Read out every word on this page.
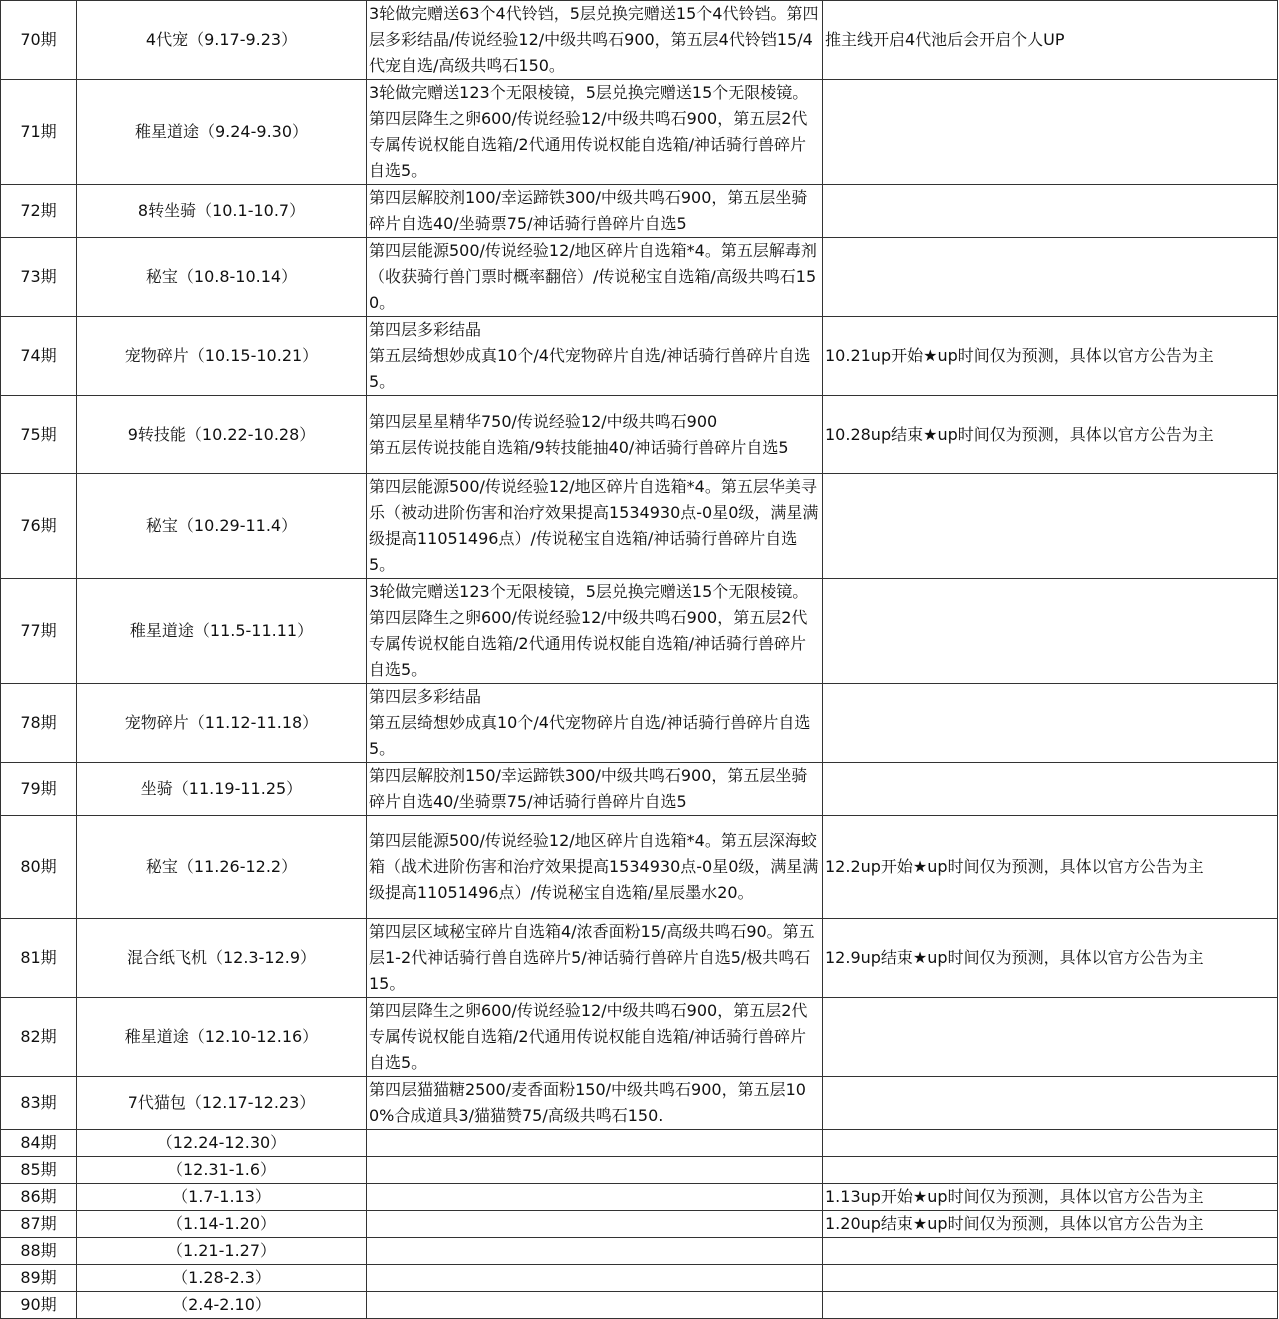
70期	4代宠（9.17-9.23）	3轮做完赠送63个4代铃铛，5层兑换完赠送15个4代铃铛。第四层多彩结晶/传说经验12/中级共鸣石900，第五层4代铃铛15/4代宠自选/高级共鸣石150。	推主线开启4代池后会开启个人UP
71期	稚星道途（9.24-9.30）	3轮做完赠送123个无限棱镜，5层兑换完赠送15个无限棱镜。第四层降生之卵600/传说经验12/中级共鸣石900，第五层2代专属传说权能自选箱/2代通用传说权能自选箱/神话骑行兽碎片自选5。	

72期	8转坐骑（10.1-10.7）	第四层解胶剂100/幸运蹄铁300/中级共鸣石900，第五层坐骑碎片自选40/坐骑票75/神话骑行兽碎片自选5	

73期	秘宝（10.8-10.14）	第四层能源500/传说经验12/地区碎片自选箱*4。第五层解毒剂（收获骑行兽门票时概率翻倍）/传说秘宝自选箱/高级共鸣石150。	

74期	宠物碎片（10.15-10.21）	第四层多彩结晶
第五层绮想妙成真10个/4代宠物碎片自选/神话骑行兽碎片自选5。	10.21up开始★up时间仅为预测，具体以官方公告为主
75期	9转技能（10.22-10.28）	第四层星星精华750/传说经验12/中级共鸣石900
第五层传说技能自选箱/9转技能抽40/神话骑行兽碎片自选5	10.28up结束★up时间仅为预测，具体以官方公告为主
76期	秘宝（10.29-11.4）	第四层能源500/传说经验12/地区碎片自选箱*4。第五层华美寻乐（被动进阶伤害和治疗效果提高1534930点-0星0级，满星满级提高11051496点）/传说秘宝自选箱/神话骑行兽碎片自选5。	

77期	稚星道途（11.5-11.11）	3轮做完赠送123个无限棱镜，5层兑换完赠送15个无限棱镜。第四层降生之卵600/传说经验12/中级共鸣石900，第五层2代专属传说权能自选箱/2代通用传说权能自选箱/神话骑行兽碎片自选5。	

78期	宠物碎片（11.12-11.18）	第四层多彩结晶
第五层绮想妙成真10个/4代宠物碎片自选/神话骑行兽碎片自选5。	

79期	坐骑（11.19-11.25）	第四层解胶剂150/幸运蹄铁300/中级共鸣石900，第五层坐骑碎片自选40/坐骑票75/神话骑行兽碎片自选5	

80期	秘宝（11.26-12.2）	第四层能源500/传说经验12/地区碎片自选箱*4。第五层深海蛟箱（战术进阶伤害和治疗效果提高1534930点-0星0级，满星满级提高11051496点）/传说秘宝自选箱/星辰墨水20。	12.2up开始★up时间仅为预测，具体以官方公告为主
81期	混合纸飞机（12.3-12.9）	第四层区域秘宝碎片自选箱4/浓香面粉15/高级共鸣石90。第五层1-2代神话骑行兽自选碎片5/神话骑行兽碎片自选5/极共鸣石15。	12.9up结束★up时间仅为预测，具体以官方公告为主
82期	稚星道途（12.10-12.16）	第四层降生之卵600/传说经验12/中级共鸣石900，第五层2代专属传说权能自选箱/2代通用传说权能自选箱/神话骑行兽碎片自选5。	

83期	7代猫包（12.17-12.23）	第四层猫猫糖2500/麦香面粉150/中级共鸣石900，第五层100%合成道具3/猫猫赞75/高级共鸣石150.	

84期	（12.24-12.30）	

85期	（12.31-1.6）	

86期	（1.7-1.13）		1.13up开始★up时间仅为预测，具体以官方公告为主
87期	（1.14-1.20）		1.20up结束★up时间仅为预测，具体以官方公告为主
88期	（1.21-1.27）	

89期	（1.28-2.3）	

90期	（2.4-2.10）	
